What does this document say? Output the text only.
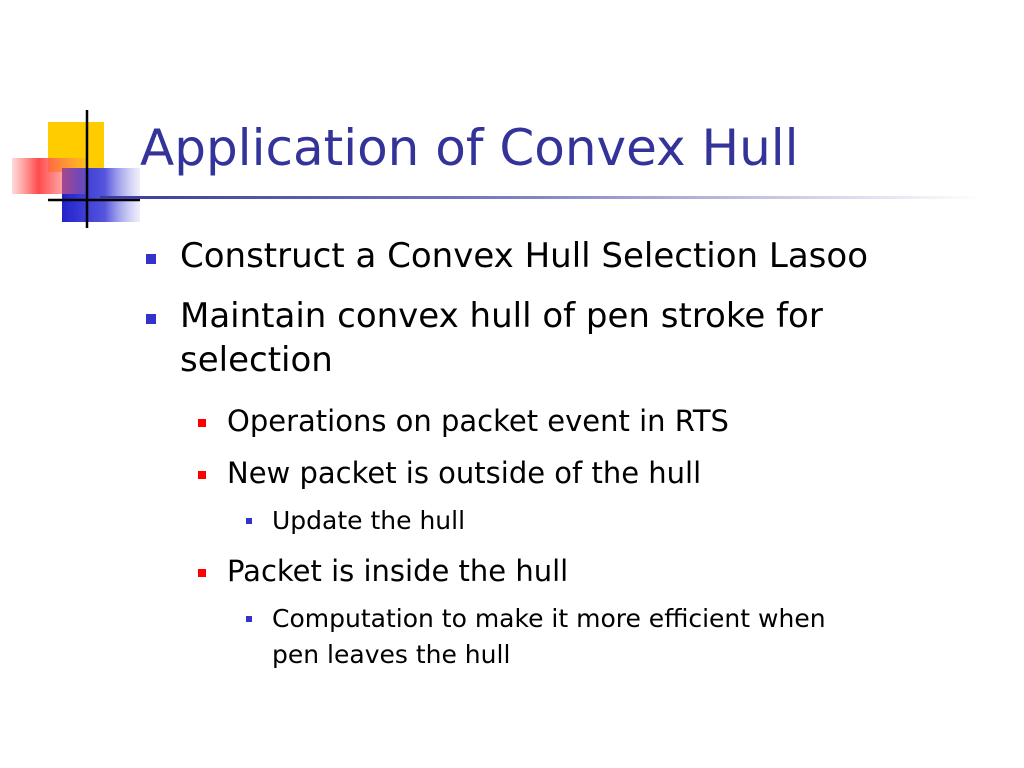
Application of Convex Hull
Construct a Convex Hull Selection Lasoo
Maintain convex hull of pen stroke for
selection
Operations on packet event in RTS
New packet is outside of the hull
Update the hull
Packet is inside the hull
Computation to make it more efficient when
pen leaves the hull
